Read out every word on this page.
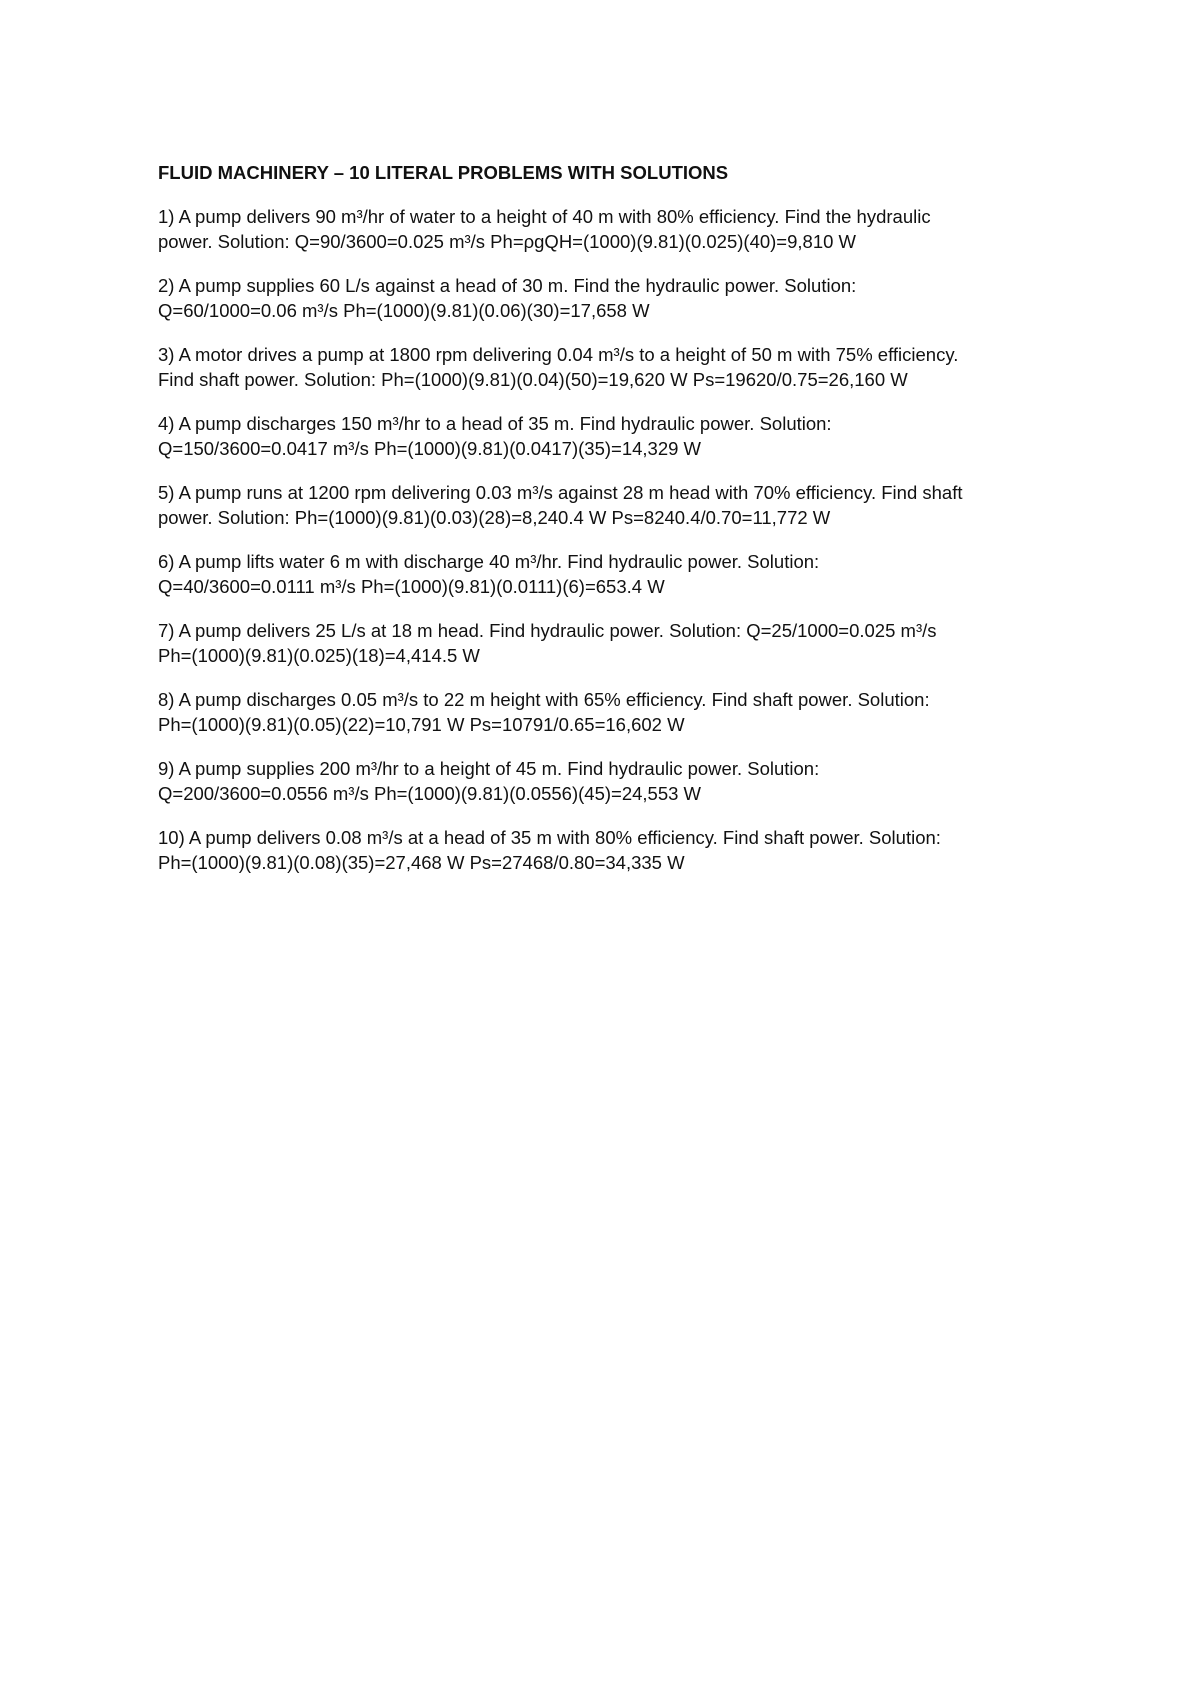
FLUID MACHINERY – 10 LITERAL PROBLEMS WITH SOLUTIONS
1) A pump delivers 90 m³/hr of water to a height of 40 m with 80% efficiency. Find the hydraulic
power. Solution: Q=90/3600=0.025 m³/s Ph=ρgQH=(1000)(9.81)(0.025)(40)=9,810 W
2) A pump supplies 60 L/s against a head of 30 m. Find the hydraulic power. Solution:
Q=60/1000=0.06 m³/s Ph=(1000)(9.81)(0.06)(30)=17,658 W
3) A motor drives a pump at 1800 rpm delivering 0.04 m³/s to a height of 50 m with 75% efficiency.
Find shaft power. Solution: Ph=(1000)(9.81)(0.04)(50)=19,620 W Ps=19620/0.75=26,160 W
4) A pump discharges 150 m³/hr to a head of 35 m. Find hydraulic power. Solution:
Q=150/3600=0.0417 m³/s Ph=(1000)(9.81)(0.0417)(35)=14,329 W
5) A pump runs at 1200 rpm delivering 0.03 m³/s against 28 m head with 70% efficiency. Find shaft
power. Solution: Ph=(1000)(9.81)(0.03)(28)=8,240.4 W Ps=8240.4/0.70=11,772 W
6) A pump lifts water 6 m with discharge 40 m³/hr. Find hydraulic power. Solution:
Q=40/3600=0.0111 m³/s Ph=(1000)(9.81)(0.0111)(6)=653.4 W
7) A pump delivers 25 L/s at 18 m head. Find hydraulic power. Solution: Q=25/1000=0.025 m³/s
Ph=(1000)(9.81)(0.025)(18)=4,414.5 W
8) A pump discharges 0.05 m³/s to 22 m height with 65% efficiency. Find shaft power. Solution:
Ph=(1000)(9.81)(0.05)(22)=10,791 W Ps=10791/0.65=16,602 W
9) A pump supplies 200 m³/hr to a height of 45 m. Find hydraulic power. Solution:
Q=200/3600=0.0556 m³/s Ph=(1000)(9.81)(0.0556)(45)=24,553 W
10) A pump delivers 0.08 m³/s at a head of 35 m with 80% efficiency. Find shaft power. Solution:
Ph=(1000)(9.81)(0.08)(35)=27,468 W Ps=27468/0.80=34,335 W
